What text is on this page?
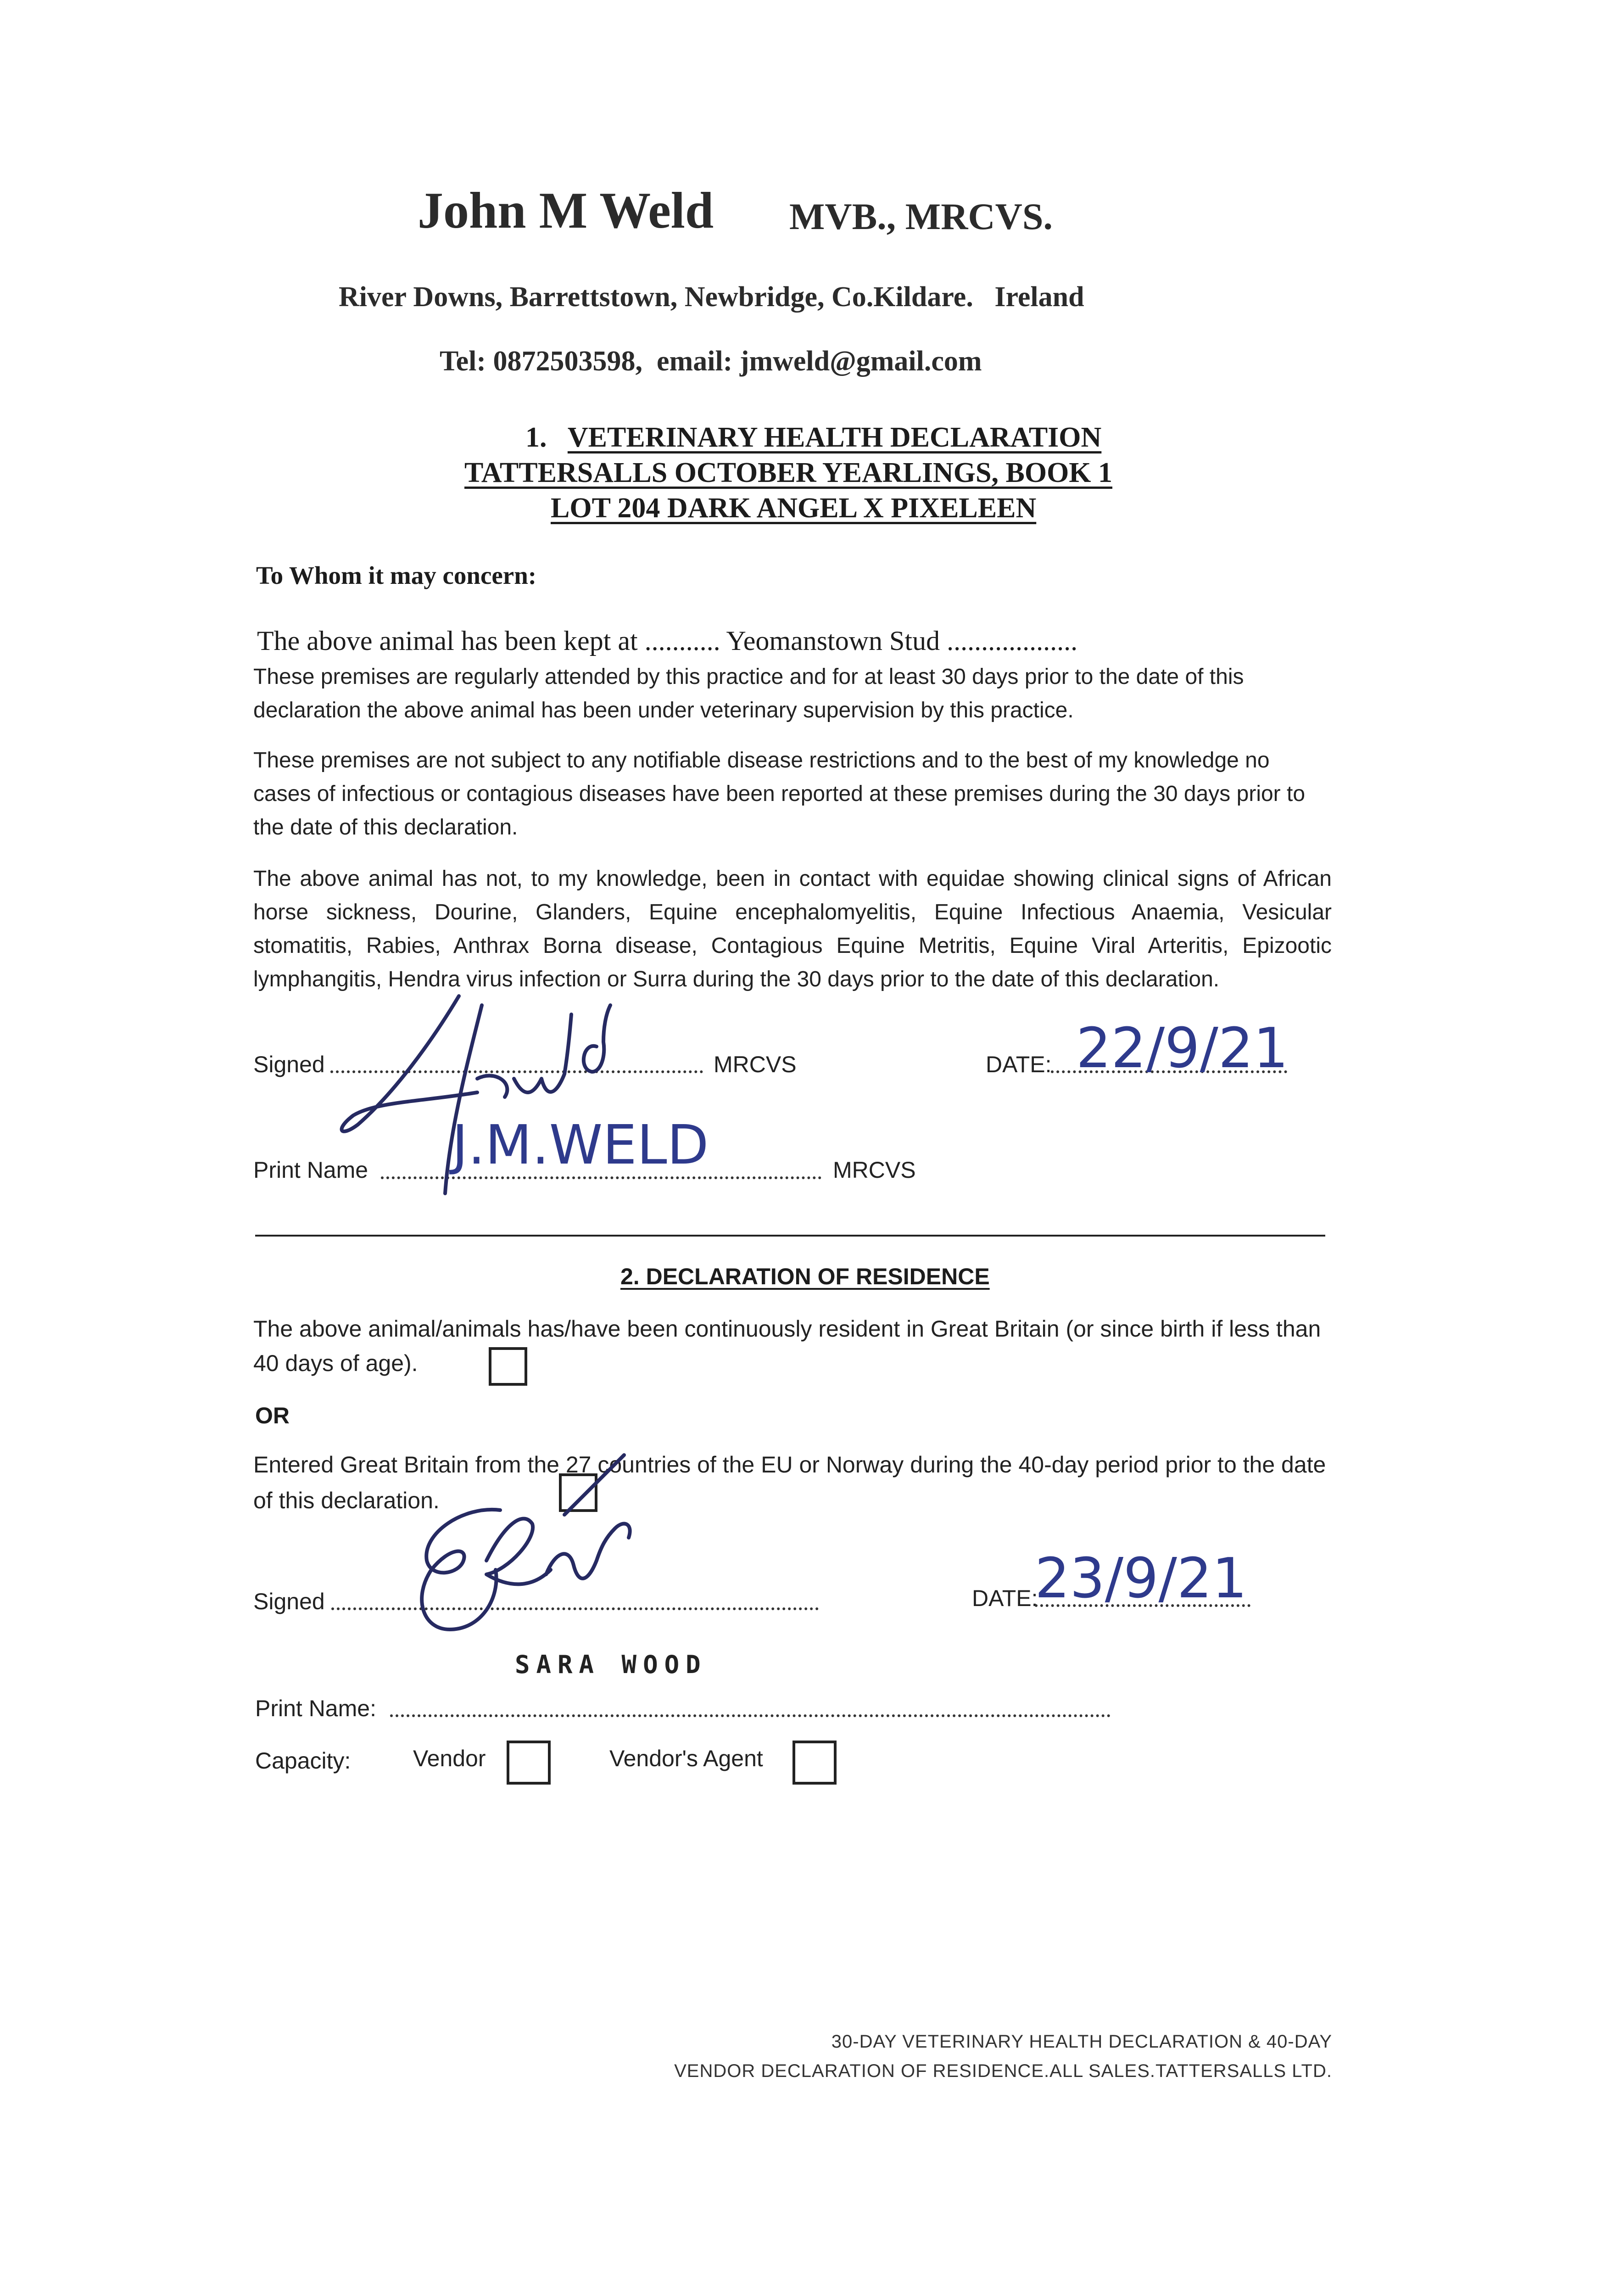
John M Weld MVB., MRCVS.
River Downs, Barrettstown, Newbridge, Co.Kildare.   Ireland
Tel: 0872503598,  email: jmweld@gmail.com
1. VETERINARY HEALTH DECLARATION
TATTERSALLS OCTOBER YEARLINGS, BOOK 1
LOT 204 DARK ANGEL X PIXELEEN
To Whom it may concern:
The above animal has been kept at ........... Yeomanstown Stud ...................
These premises are regularly attended by this practice and for at least 30 days prior to the date of this declaration the above animal has been under veterinary supervision by this practice.
These premises are not subject to any notifiable disease restrictions and to the best of my knowledge no cases of infectious or contagious diseases have been reported at these premises during the 30 days prior to the date of this declaration.
The above animal has not, to my knowledge, been in contact with equidae showing clinical signs of African horse sickness, Dourine, Glanders, Equine encephalomyelitis, Equine Infectious Anaemia, Vesicular stomatitis, Rabies, Anthrax Borna disease, Contagious Equine Metritis, Equine Viral Arteritis, Epizootic lymphangitis, Hendra virus infection or Surra during the 30 days prior to the date of this declaration.
Signed	MRCVS	DATE: 22/9/21
Print Name J.M.WELD	MRCVS
2. DECLARATION OF RESIDENCE
The above animal/animals has/have been continuously resident in Great Britain (or since birth if less than 40 days of age).
OR
Entered Great Britain from the 27 countries of the EU or Norway during the 40-day period prior to the date of this declaration.
Signed	DATE:
23/9/21
SARA WOOD
Print Name:
Capacity:	Vendor	Vendor's Agent
30-DAY VETERINARY HEALTH DECLARATION & 40-DAY
VENDOR DECLARATION OF RESIDENCE.ALL SALES.TATTERSALLS LTD.
